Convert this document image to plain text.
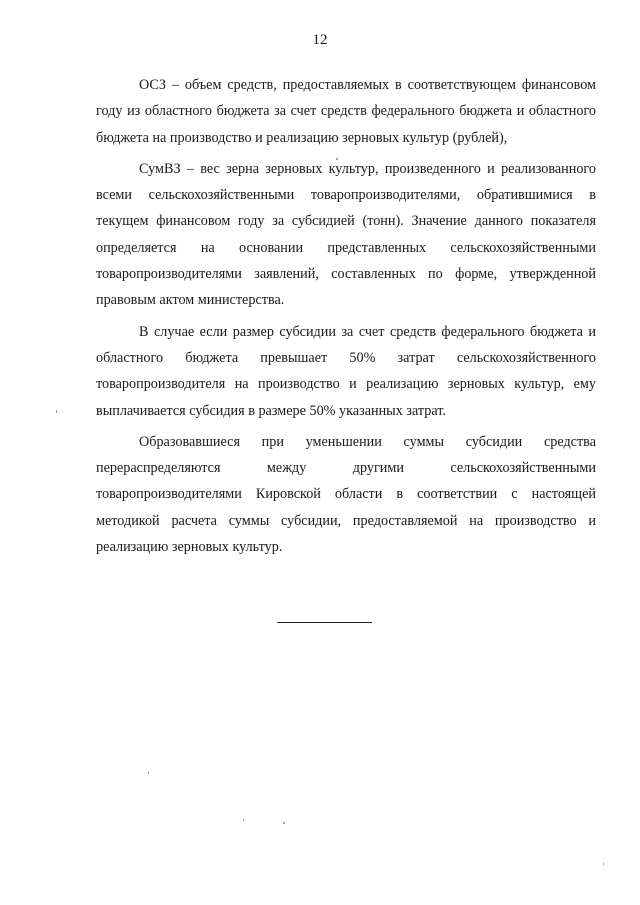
12

ОСЗ – объем средств, предоставляемых в соответствующем финансовом году из областного бюджета за счет средств федерального бюджета и областного бюджета на производство и реализацию зерновых культур (рублей),

СумВЗ – вес зерна зерновых культур, произведенного и реализованного всеми сельскохозяйственными товаропроизводителями, обратившимися в текущем финансовом году за субсидией (тонн). Значение данного показателя определяется на основании представленных сельскохозяйственными товаропроизводителями заявлений, составленных по форме, утвержденной правовым актом министерства.

В случае если размер субсидии за счет средств федерального бюджета и областного бюджета превышает 50% затрат сельскохозяйственного товаропроизводителя на производство и реализацию зерновых культур, ему выплачивается субсидия в размере 50% указанных затрат.

Образовавшиеся при уменьшении суммы субсидии средства перераспределяются между другими сельскохозяйственными товаропроизводителями Кировской области в соответствии с настоящей методикой расчета суммы субсидии, предоставляемой на производство и реализацию зерновых культур.
